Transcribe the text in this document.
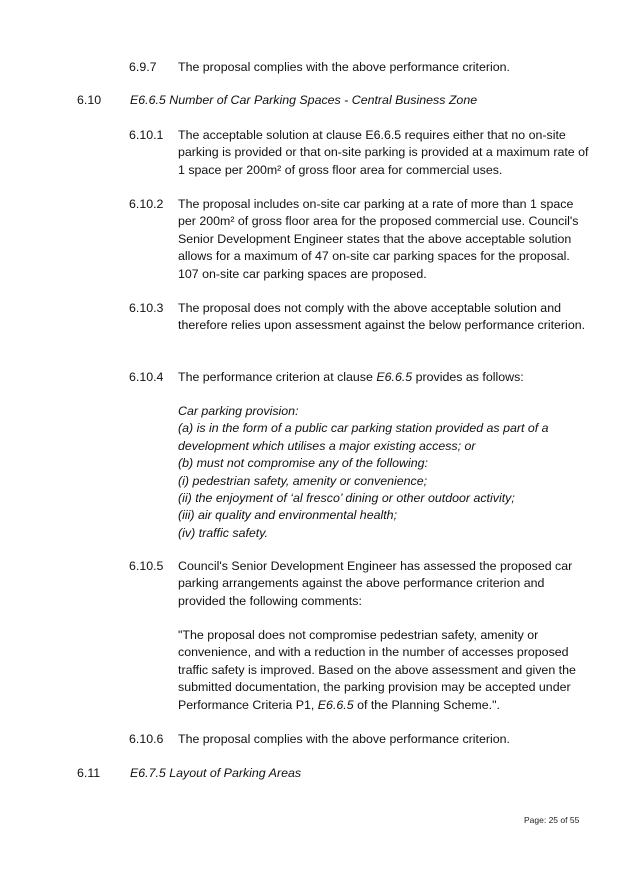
6.9.7 The proposal complies with the above performance criterion.
6.10 E6.6.5 Number of Car Parking Spaces - Central Business Zone
6.10.1 The acceptable solution at clause E6.6.5 requires either that no on-site parking is provided or that on-site parking is provided at a maximum rate of 1 space per 200m² of gross floor area for commercial uses.
6.10.2 The proposal includes on-site car parking at a rate of more than 1 space per 200m² of gross floor area for the proposed commercial use. Council's Senior Development Engineer states that the above acceptable solution allows for a maximum of 47 on-site car parking spaces for the proposal. 107 on-site car parking spaces are proposed.
6.10.3 The proposal does not comply with the above acceptable solution and therefore relies upon assessment against the below performance criterion.
6.10.4 The performance criterion at clause E6.6.5 provides as follows:
Car parking provision:
(a) is in the form of a public car parking station provided as part of a
development which utilises a major existing access; or
(b) must not compromise any of the following:
(i) pedestrian safety, amenity or convenience;
(ii) the enjoyment of ‘al fresco’ dining or other outdoor activity;
(iii) air quality and environmental health;
(iv) traffic safety.
6.10.5 Council's Senior Development Engineer has assessed the proposed car parking arrangements against the above performance criterion and provided the following comments:
"The proposal does not compromise pedestrian safety, amenity or convenience, and with a reduction in the number of accesses proposed traffic safety is improved. Based on the above assessment and given the submitted documentation, the parking provision may be accepted under Performance Criteria P1, E6.6.5 of the Planning Scheme.".
6.10.6 The proposal complies with the above performance criterion.
6.11 E6.7.5 Layout of Parking Areas
Page: 25 of 55
